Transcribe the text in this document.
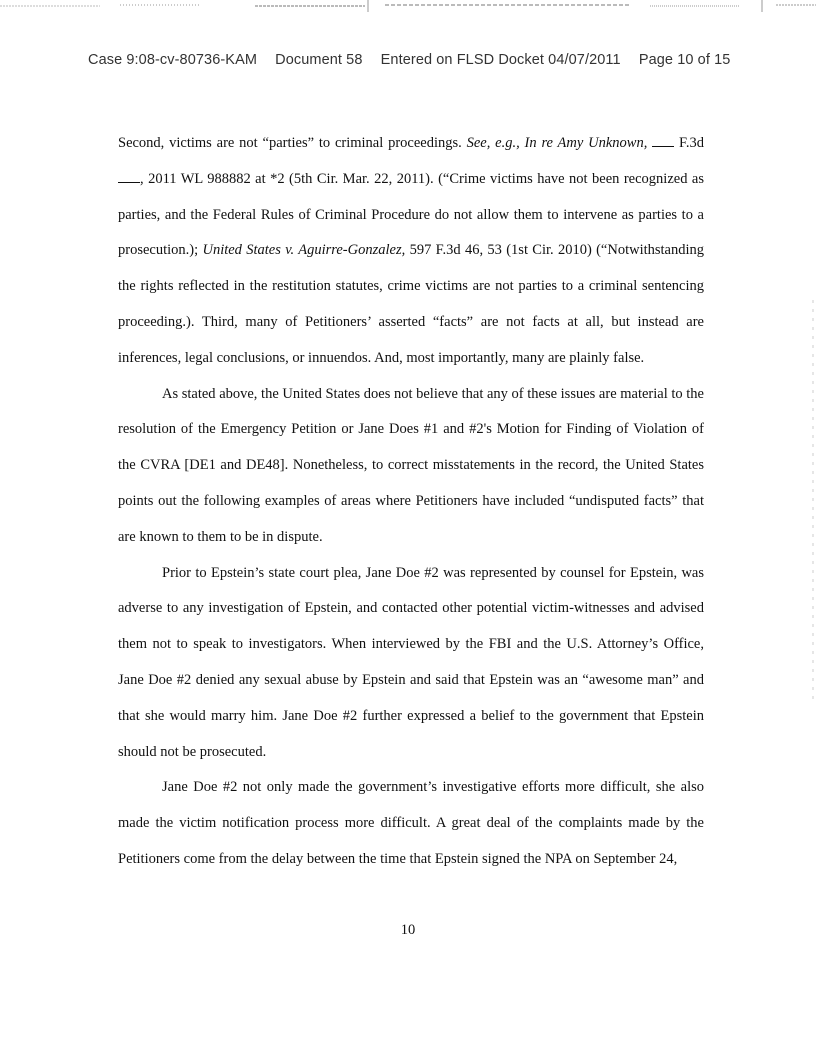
Case 9:08-cv-80736-KAM Document 58 Entered on FLSD Docket 04/07/2011 Page 10 of 15

Second, victims are not “parties” to criminal proceedings. See, e.g., In re Amy Unknown, F.3d , 2011 WL 988882 at *2 (5th Cir. Mar. 22, 2011). (“Crime victims have not been recognized as parties, and the Federal Rules of Criminal Procedure do not allow them to intervene as parties to a prosecution.); United States v. Aguirre-Gonzalez, 597 F.3d 46, 53 (1st Cir. 2010) (“Notwithstanding the rights reflected in the restitution statutes, crime victims are not parties to a criminal sentencing proceeding.). Third, many of Petitioners’ asserted “facts” are not facts at all, but instead are inferences, legal conclusions, or innuendos. And, most importantly, many are plainly false.

As stated above, the United States does not believe that any of these issues are material to the resolution of the Emergency Petition or Jane Does #1 and #2's Motion for Finding of Violation of the CVRA [DE1 and DE48]. Nonetheless, to correct misstatements in the record, the United States points out the following examples of areas where Petitioners have included “undisputed facts” that are known to them to be in dispute.

Prior to Epstein’s state court plea, Jane Doe #2 was represented by counsel for Epstein, was adverse to any investigation of Epstein, and contacted other potential victim-witnesses and advised them not to speak to investigators. When interviewed by the FBI and the U.S. Attorney’s Office, Jane Doe #2 denied any sexual abuse by Epstein and said that Epstein was an “awesome man” and that she would marry him. Jane Doe #2 further expressed a belief to the government that Epstein should not be prosecuted.

Jane Doe #2 not only made the government’s investigative efforts more difficult, she also made the victim notification process more difficult. A great deal of the complaints made by the Petitioners come from the delay between the time that Epstein signed the NPA on September 24,

10
